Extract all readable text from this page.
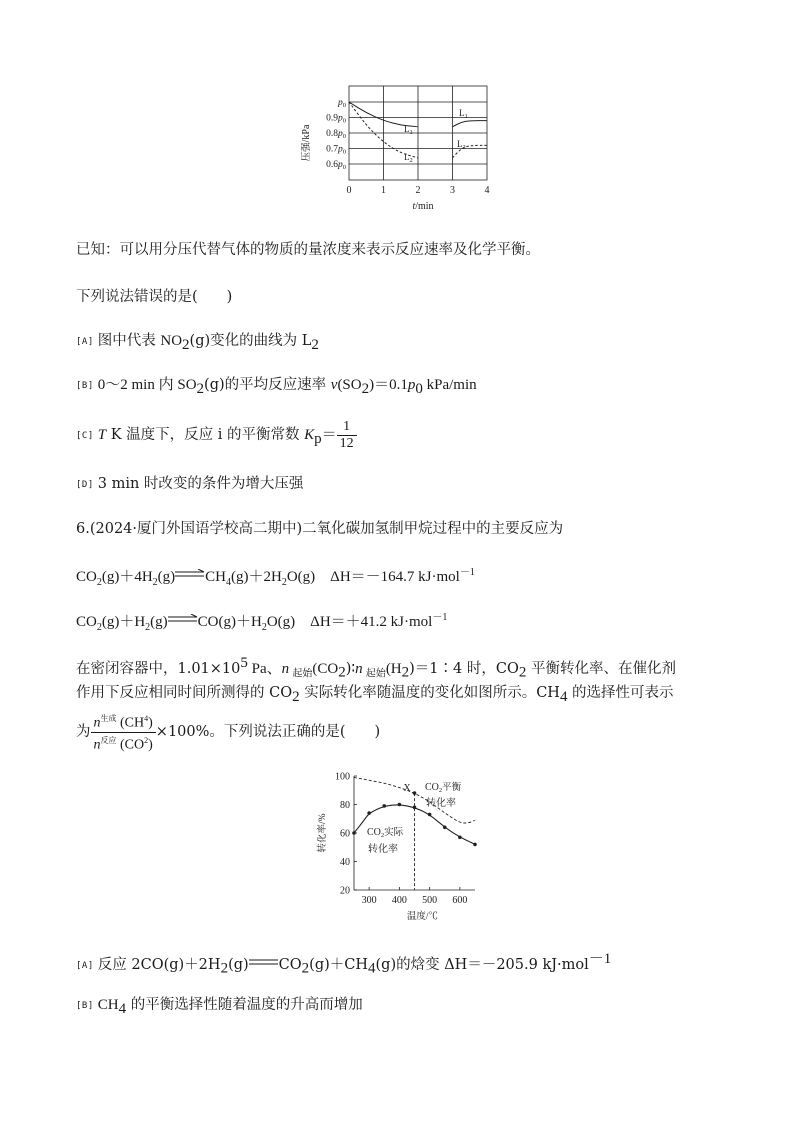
$p_0$
$0.9p_0$
$0.8p_0$
$0.7p_0$
$0.6p_0$
0	1	2	3	4
t/min
压强/kPa	$L_1$
$L_1$
$L_2$
$L_2$
100
80
60
40
20
300 400 500 600
X $CO_2$平衡
转化率
$CO_2$实际
转化率
转化率/%
温度/℃
已知：可以用分压代替气体的物质的量浓度来表示反应速率及化学平衡。
下列说法错误的是(　　)
[A] 图中代表 $NO_2(g)$变化的曲线为 $L_2$
[B] 0～2 min 内 $SO_2(g)$的平均反应速率 $v(SO_2)=0.1p_0$ kPa/min
[C] T K 温度下，反应 ⅰ 的平衡常数 $K_p= \frac{1}{12}$
[D] 3 min 时改变的条件为增大压强
6.(2024·厦门外国语学校高二期中)二氧化碳加氢制甲烷过程中的主要反应为
$CO_2(g)+4H_2(g)$ $CH_4(g)+2H_2O(g)$　ΔH＝－164.7 kJ·mol$^{-1}$
$CO_2(g)+H_2(g)$ $CO(g)+H_2O(g)$　ΔH＝＋41.2 kJ·mol$^{-1}$
在密闭容器中，$1.01\times 10^5$ Pa、n $_{起始}(CO_2)∶n$ $_{起始}(H_2)=1∶4$ 时，$CO_2$ 平衡转化率、在催化剂
作用下反应相同时间所测得的 $CO_2$ 实际转化率随温度的变化如图所示。$CH_4$ 的选择性可表示
为 $\frac{n^{生成} (CH^4)}{n^{反应} (CO^2)} \times 100\%$。下列说法正确的是(　　)
[A] 反应 $2CO(g)+2H_2(g)$ $CO_2(g)+CH_4(g)$的焓变 ΔH＝－205.9 kJ·mol$^{-1}$
[B] $CH_4$ 的平衡选择性随着温度的升高而增加
